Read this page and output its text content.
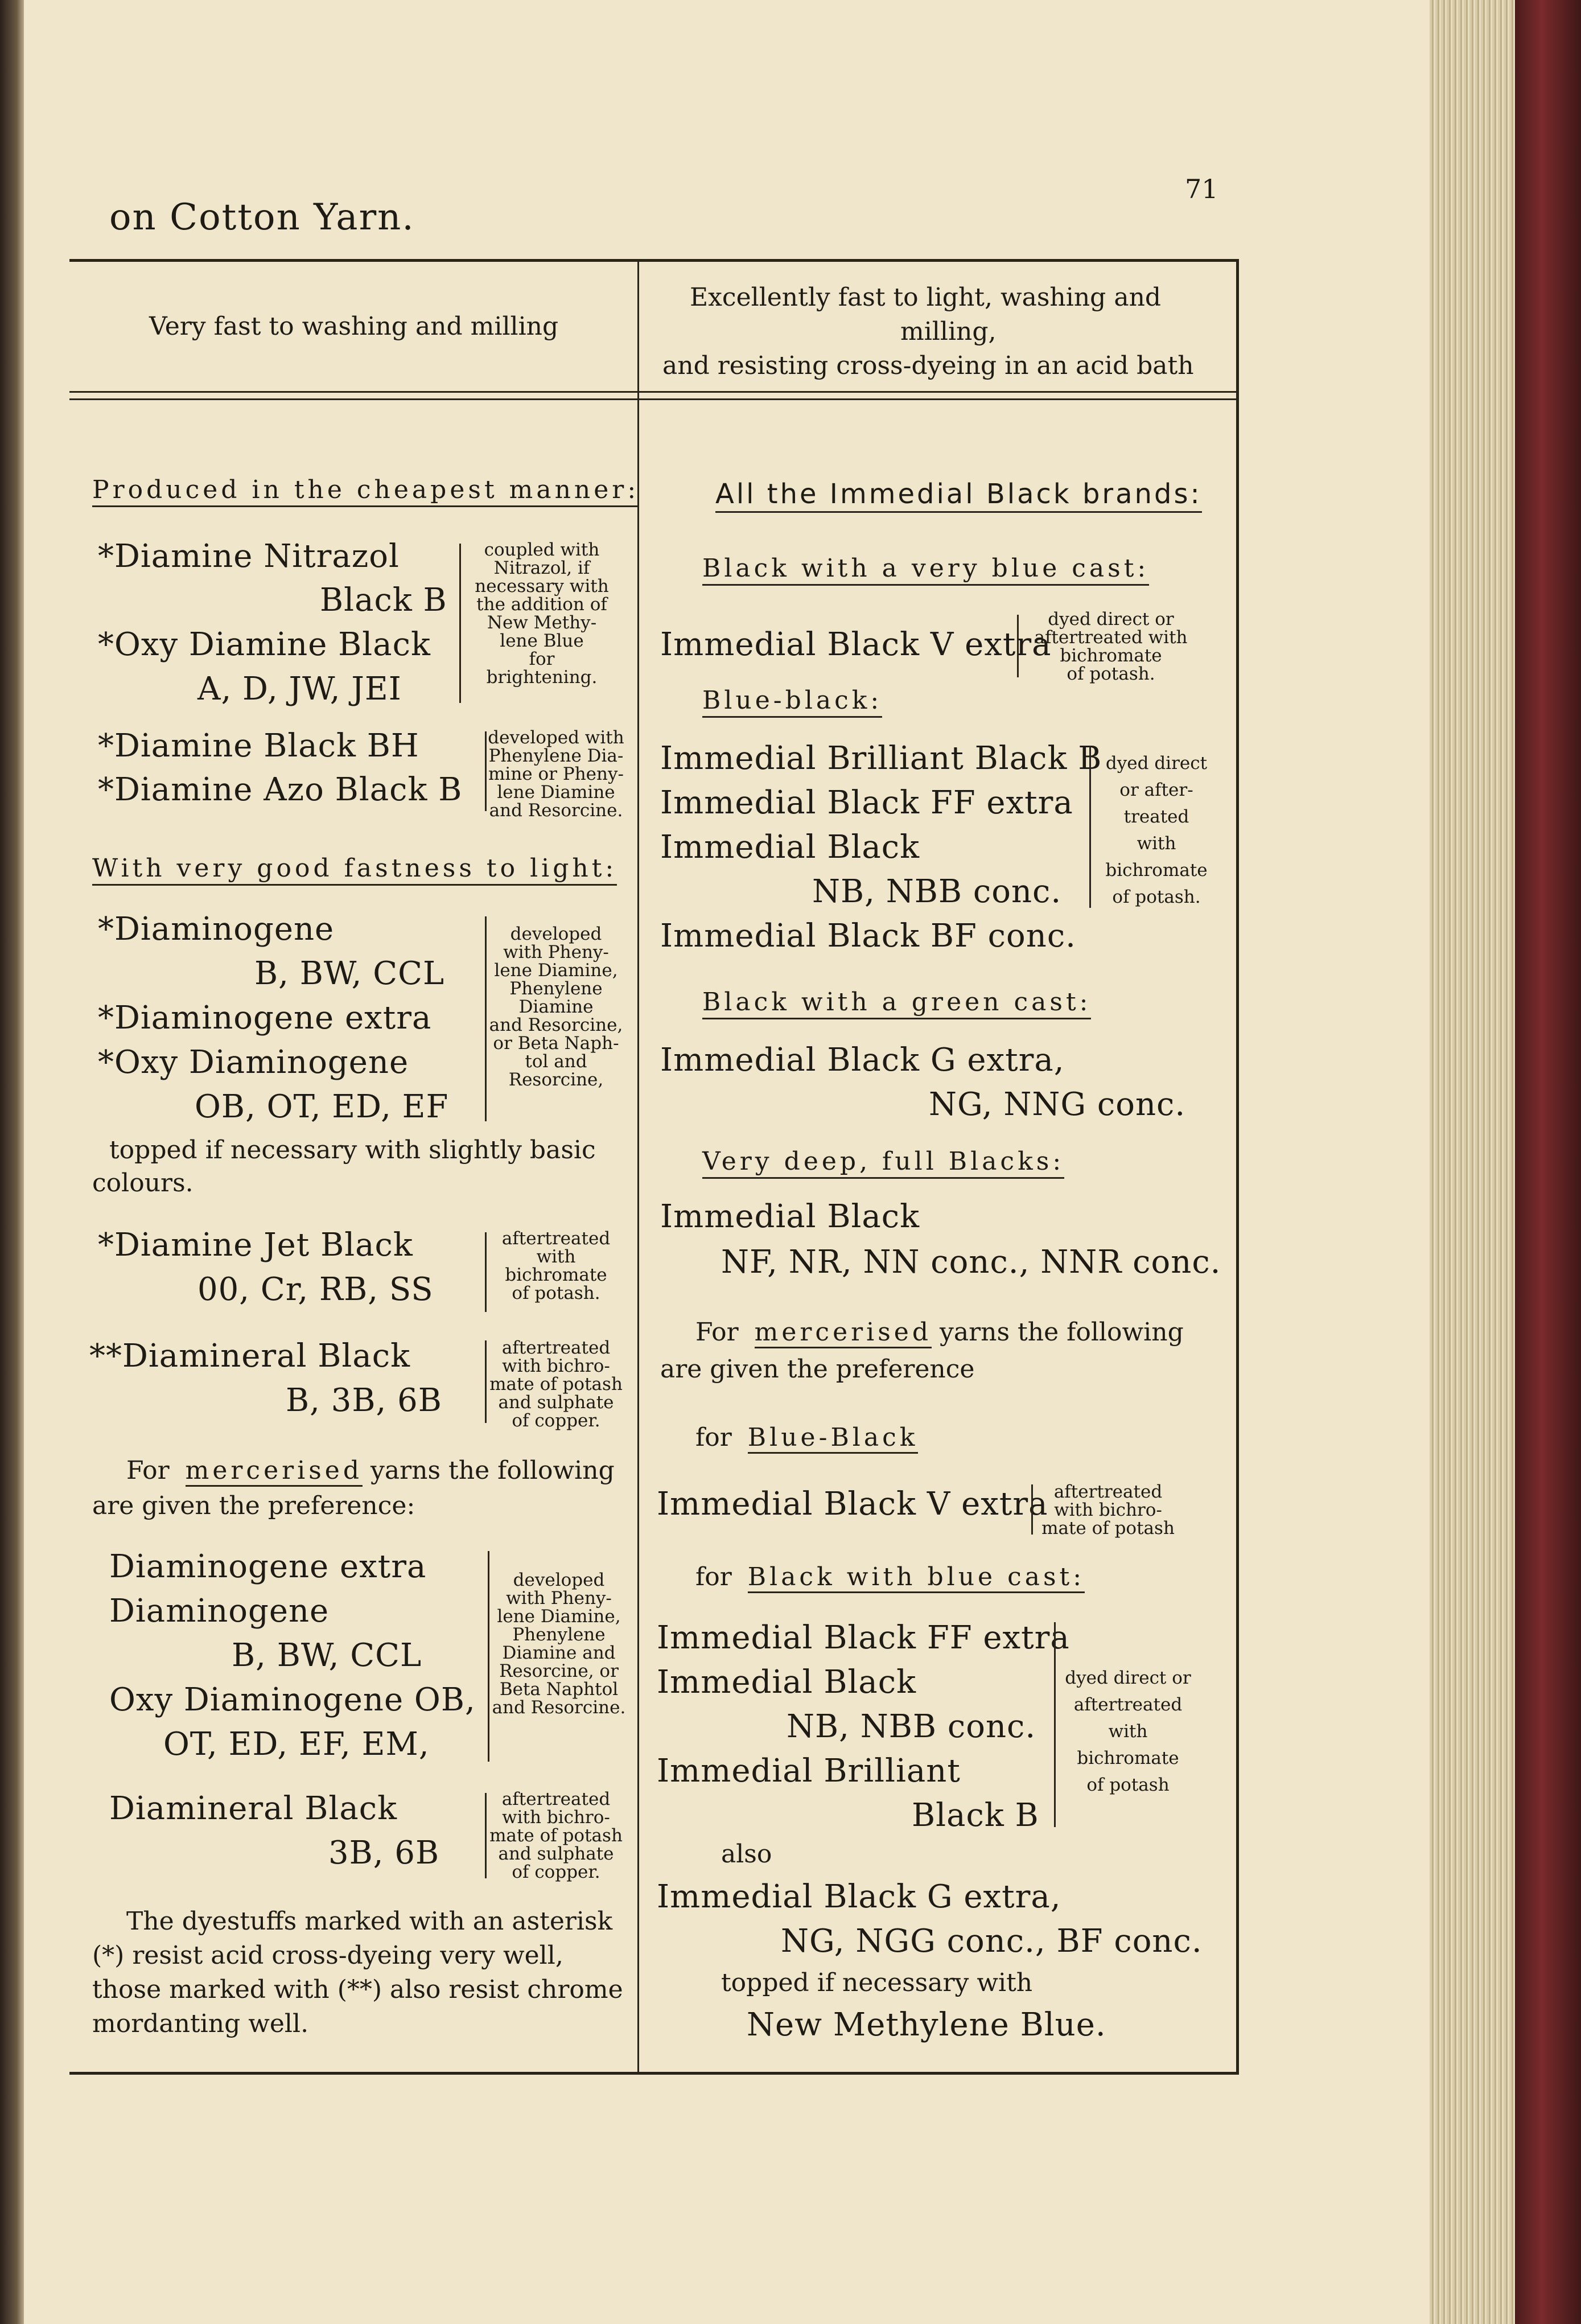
on Cotton Yarn.
71
Very fast to washing and milling
Excellently fast to light, washing and
milling,
and resisting cross-dyeing in an acid bath
Produced in the cheapest manner:
*Diamine Nitrazol
Black B
*Oxy Diamine Black
A, D, JW, JEI
coupled with
Nitrazol, if
necessary with
the addition of
New Methy-
lene Blue
for
brightening.
*Diamine Black BH
*Diamine Azo Black B
developed with
Phenylene Dia-
mine or Pheny-
lene Diamine
and Resorcine.
With very good fastness to light:
*Diaminogene
B, BW, CCL
*Diaminogene extra
*Oxy Diaminogene
OB, OT, ED, EF
developed
with Pheny-
lene Diamine,
Phenylene
Diamine
and Resorcine,
or Beta Naph-
tol and
Resorcine,
topped if necessary with slightly basic
colours.
*Diamine Jet Black
00, Cr, RB, SS
aftertreated
with
bichromate
of potash.
**Diamineral Black
B, 3B, 6B
aftertreated
with bichro-
mate of potash
and sulphate
of copper.
For mercerised yarns the following
are given the preference:
Diaminogene extra
Diaminogene
B, BW, CCL
Oxy Diaminogene OB,
OT, ED, EF, EM,
developed
with Pheny-
lene Diamine,
Phenylene
Diamine and
Resorcine, or
Beta Naphtol
and Resorcine.
Diamineral Black
3B, 6B
aftertreated
with bichro-
mate of potash
and sulphate
of copper.
The dyestuffs marked with an asterisk
(*) resist acid cross-dyeing very well,
those marked with (**) also resist chrome
mordanting well.
All the Immedial Black brands:
Black with a very blue cast:
Immedial Black V extra
dyed direct or
aftertreated with
bichromate
of potash.
Blue-black:
Immedial Brilliant Black B
Immedial Black FF extra
Immedial Black
NB, NBB conc.
Immedial Black BF conc.
dyed direct
or after-
treated
with
bichromate
of potash.
Black with a green cast:
Immedial Black G extra,
NG, NNG conc.
Very deep, full Blacks:
Immedial Black
NF, NR, NN conc., NNR conc.
For mercerised yarns the following
are given the preference
for Blue-Black
Immedial Black V extra aftertreated
with bichro-
mate of potash
for Black with blue cast:
Immedial Black FF extra
Immedial Black
NB, NBB conc.
Immedial Brilliant
Black B
dyed direct or
aftertreated
with
bichromate
of potash
also
Immedial Black G extra,
NG, NGG conc., BF conc.
topped if necessary with
New Methylene Blue.
